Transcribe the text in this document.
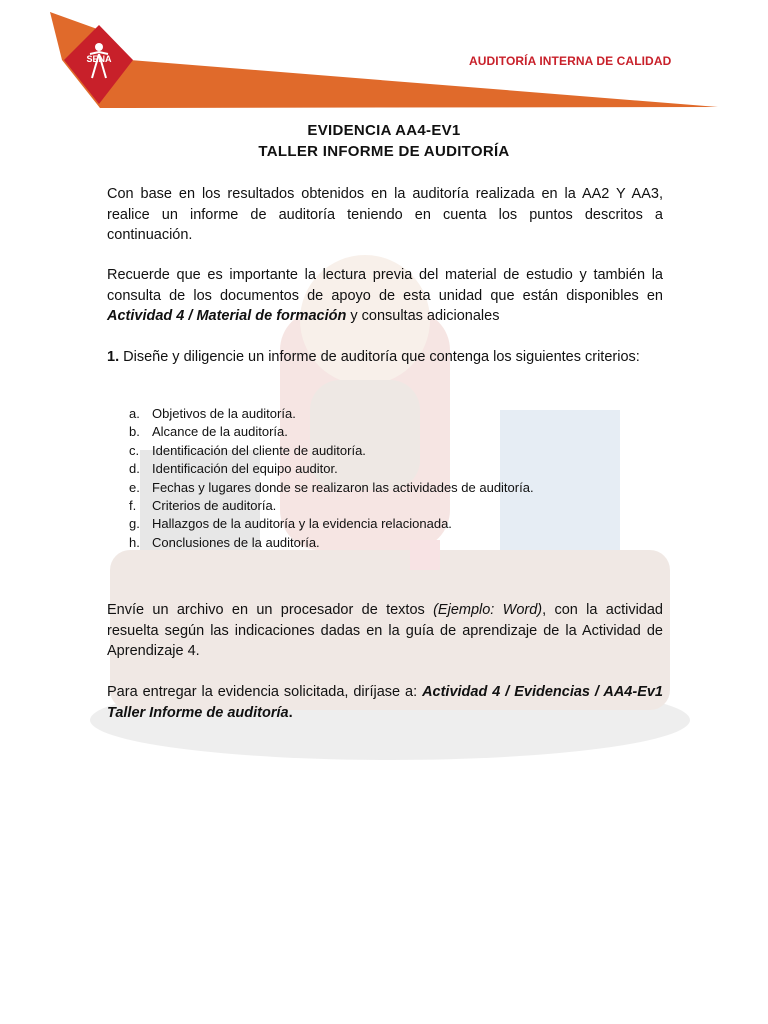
SENA	AUDITORÍA INTERNA DE CALIDAD
EVIDENCIA AA4-EV1
TALLER INFORME DE AUDITORÍA
Con base en los resultados obtenidos en la auditoría realizada en la AA2 Y AA3,
realice un informe de auditoría teniendo en cuenta los puntos descritos a
continuación.
Recuerde que es importante la lectura previa del material de estudio y también la
consulta de los documentos de apoyo de esta unidad que están disponibles en
Actividad 4 / Material de formación y consultas adicionales
1. Diseñe y diligencie un informe de auditoría que contenga los siguientes criterios:
a. Objetivos de la auditoría.
b. Alcance de la auditoría.
c. Identificación del cliente de auditoría.
d. Identificación del equipo auditor.
e. Fechas y lugares donde se realizaron las actividades de auditoría.
f.	Criterios de auditoría.
g. Hallazgos de la auditoría y la evidencia relacionada.
h. Conclusiones de la auditoría.
Envíe un archivo en un procesador de textos (Ejemplo: Word), con la actividad resuelta según las indicaciones dadas en la guía de aprendizaje de la Actividad de Aprendizaje 4.
Para entregar la evidencia solicitada, diríjase a: Actividad 4 / Evidencias / AA4-Ev1 Taller Informe de auditoría.
